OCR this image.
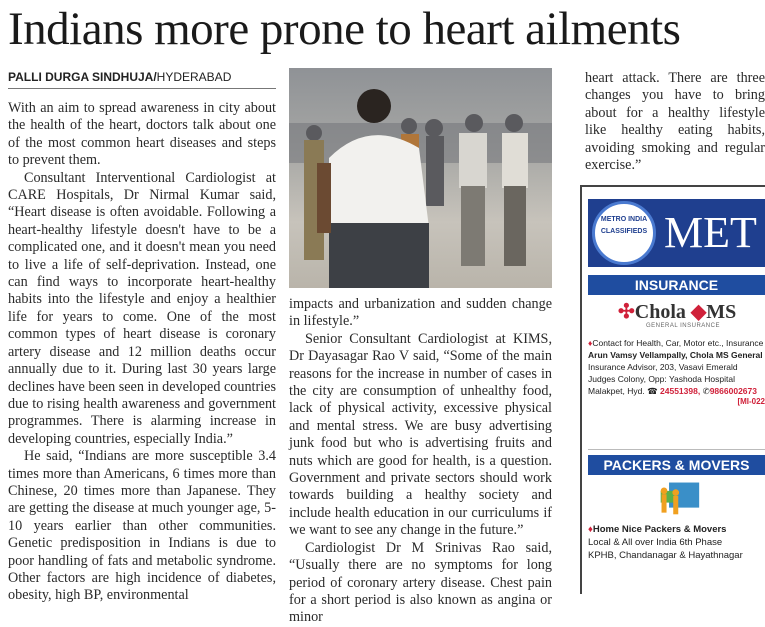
Indians more prone to heart ailments
PALLI DURGA SINDHUJA/HYDERABAD

With an aim to spread awareness in city about the health of the heart, doctors talk about one of the most common heart diseases and steps to prevent them.

Consultant Interventional Cardiologist at CARE Hospitals, Dr Nirmal Kumar said, “Heart disease is often avoidable. Following a heart-healthy lifestyle doesn't have to be a complicated one, and it doesn't mean you need to live a life of self-deprivation. Instead, one can find ways to incorporate heart-healthy habits into the lifestyle and enjoy a healthier life for years to come. One of the most common types of heart disease is coronary artery disease and 12 million deaths occur annually due to it. During last 30 years large declines have been seen in developed countries due to rising health awareness and government programmes. There is alarming increase in developing countries, especially India.”

He said, “Indians are more susceptible 3.4 times more than Americans, 6 times more than Chinese, 20 times more than Japanese. They are getting the disease at much younger age, 5-10 years earlier than other communities. Genetic predisposition in Indians is due to poor handling of fats and metabolic syndrome. Other factors are high incidence of diabetes, obesity, high BP, environmental

impacts and urbanization and sudden change in lifestyle.”

Senior Consultant Cardiologist at KIMS, Dr Dayasagar Rao V said, “Some of the main reasons for the increase in number of cases in the city are consumption of unhealthy food, lack of physical activity, excessive physical and mental stress. We are busy advertising junk food but who is advertising fruits and nuts which are good for health, is a question. Government and private sectors should work towards building a healthy society and include health education in our curriculums if we want to see any change in the future.”

Cardiologist Dr M Srinivas Rao said, “Usually there are no symptoms for long period of coronary artery disease. Chest pain for a short period is also known as angina or minor

heart attack. There are three changes you have to bring about for a healthy lifestyle like healthy eating habits, avoiding smoking and regular exercise.”

METRO INDIA CLASSIFIEDS MET
INSURANCE
✣Chola ◆MS
GENERAL INSURANCE
♦Contact for Health, Car, Motor etc., Insurance
Arun Vamsy Vellampally, Chola MS General
Insurance Advisor, 203, Vasavi Emerald
Judges Colony, Opp: Yashoda Hospital
Malakpet, Hyd. ☎ 24551398, ✆9866002673
[MI-022
PACKERS & MOVERS
♦Home Nice Packers & Movers
Local & All over India 6th Phase
KPHB, Chandanagar & Hayathnagar
